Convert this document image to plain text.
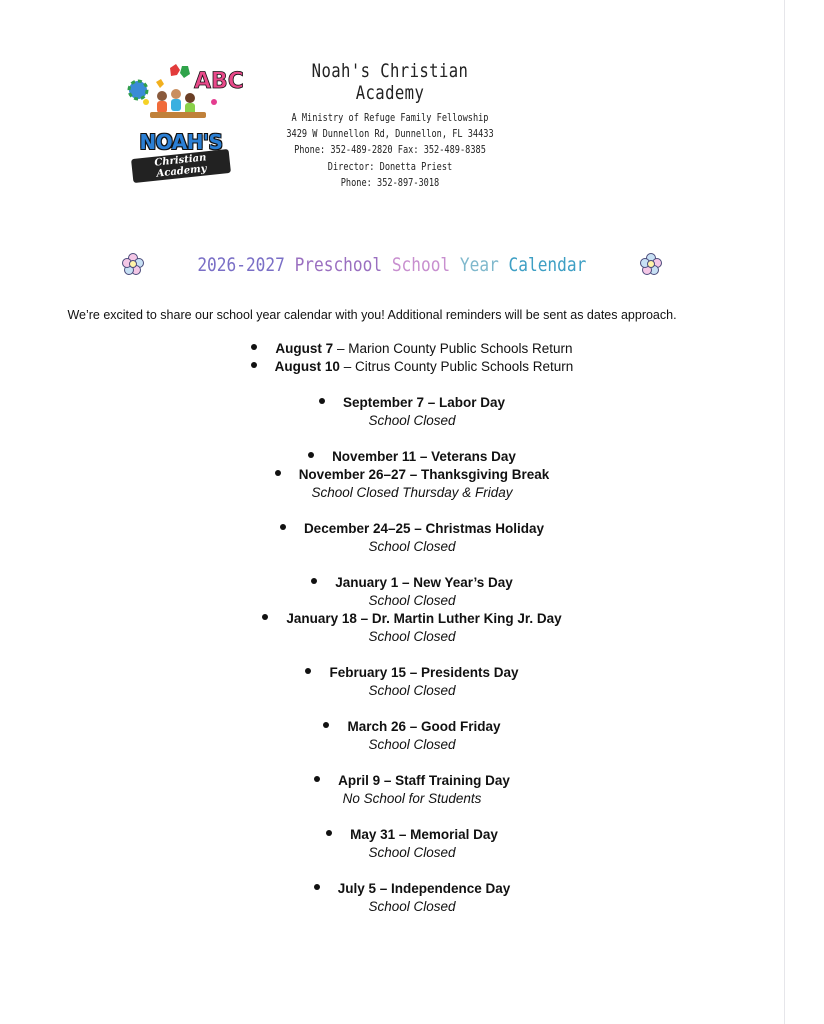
ABC
NOAH'S
Christian Academy
Noah's Christian Academy
A Ministry of Refuge Family Fellowship
3429 W Dunnellon Rd, Dunnellon, FL 34433
Phone: 352-489-2820 Fax: 352-489-8385
Director: Donetta Priest
Phone: 352-897-3018
2026-2027 Preschool School Year Calendar
We’re excited to share our school year calendar with you! Additional reminders will be sent as dates approach.
August 7 – Marion County Public Schools Return
August 10 – Citrus County Public Schools Return
September 7 – Labor Day
School Closed
November 11 – Veterans Day
November 26–27 – Thanksgiving Break
School Closed Thursday & Friday
December 24–25 – Christmas Holiday
School Closed
January 1 – New Year’s Day
School Closed
January 18 – Dr. Martin Luther King Jr. Day
School Closed
February 15 – Presidents Day
School Closed
March 26 – Good Friday
School Closed
April 9 – Staff Training Day
No School for Students
May 31 – Memorial Day
School Closed
July 5 – Independence Day
School Closed
